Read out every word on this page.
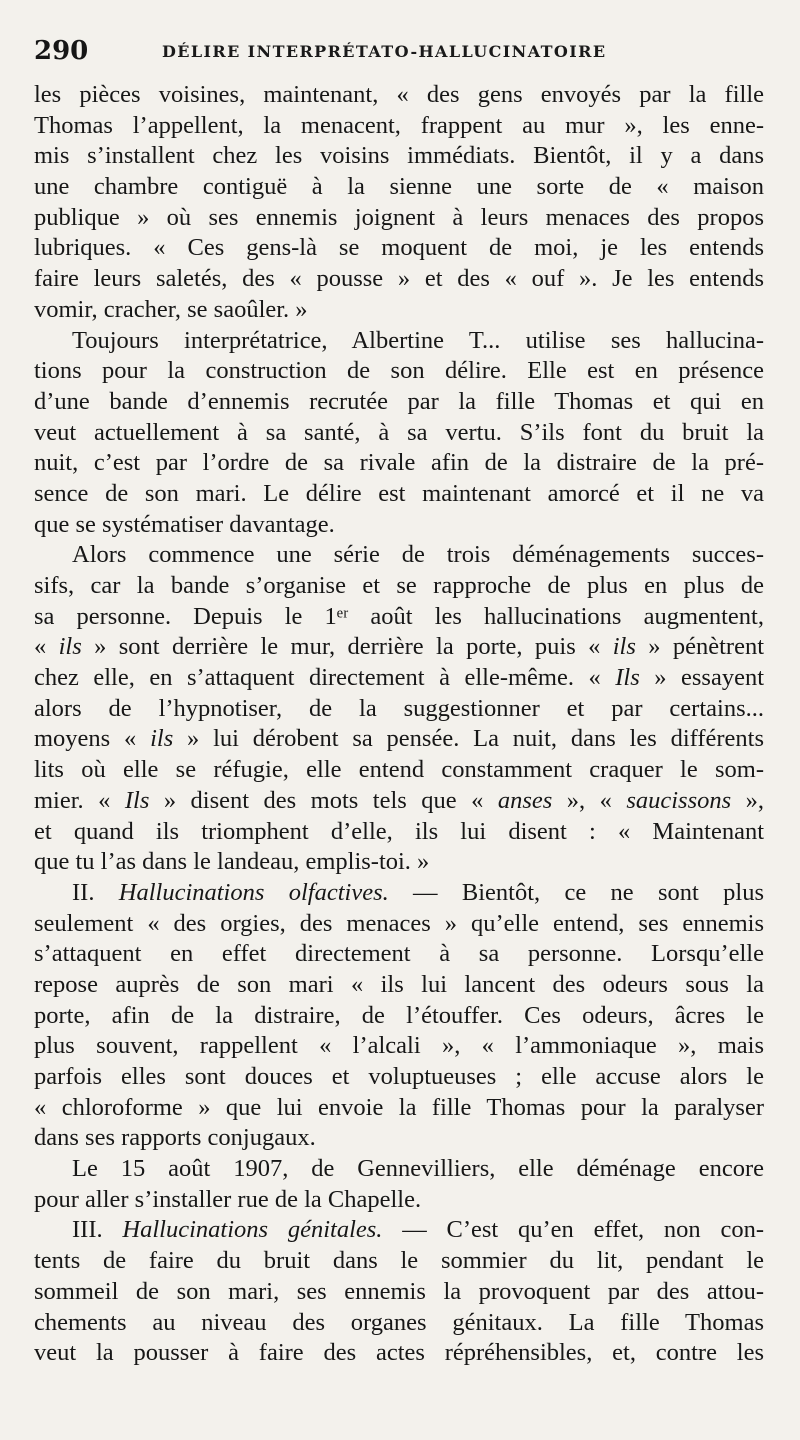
290	DÉLIRE INTERPRÉTATO-HALLUCINATOIRE
les pièces voisines, maintenant, « des gens envoyés par la fille
Thomas l’appellent, la menacent, frappent au mur », les enne-
mis s’installent chez les voisins immédiats. Bientôt, il y a dans
une chambre contiguë à la sienne une sorte de « maison
publique » où ses ennemis joignent à leurs menaces des propos
lubriques. « Ces gens-là se moquent de moi, je les entends
faire leurs saletés, des « pousse » et des « ouf ». Je les entends
vomir, cracher, se saoûler. »
Toujours interprétatrice, Albertine T... utilise ses hallucina-
tions pour la construction de son délire. Elle est en présence
d’une bande d’ennemis recrutée par la fille Thomas et qui en
veut actuellement à sa santé, à sa vertu. S’ils font du bruit la
nuit, c’est par l’ordre de sa rivale afin de la distraire de la pré-
sence de son mari. Le délire est maintenant amorcé et il ne va
que se systématiser davantage.
Alors commence une série de trois déménagements succes-
sifs, car la bande s’organise et se rapproche de plus en plus de
sa personne. Depuis le 1ᵉʳ août les hallucinations augmentent,
« ils » sont derrière le mur, derrière la porte, puis « ils » pénètrent
chez elle, en s’attaquent directement à elle-même. « Ils » essayent
alors de l’hypnotiser, de la suggestionner et par certains...
moyens « ils » lui dérobent sa pensée. La nuit, dans les différents
lits où elle se réfugie, elle entend constamment craquer le som-
mier. « Ils » disent des mots tels que « anses », « saucissons »,
et quand ils triomphent d’elle, ils lui disent : « Maintenant
que tu l’as dans le landeau, emplis-toi. »
II. Hallucinations olfactives. — Bientôt, ce ne sont plus
seulement « des orgies, des menaces » qu’elle entend, ses ennemis
s’attaquent en effet directement à sa personne. Lorsqu’elle
repose auprès de son mari « ils lui lancent des odeurs sous la
porte, afin de la distraire, de l’étouffer. Ces odeurs, âcres le
plus souvent, rappellent « l’alcali », « l’ammoniaque », mais
parfois elles sont douces et voluptueuses ; elle accuse alors le
« chloroforme » que lui envoie la fille Thomas pour la paralyser
dans ses rapports conjugaux.
Le 15 août 1907, de Gennevilliers, elle déménage encore
pour aller s’installer rue de la Chapelle.
III. Hallucinations génitales. — C’est qu’en effet, non con-
tents de faire du bruit dans le sommier du lit, pendant le
sommeil de son mari, ses ennemis la provoquent par des attou-
chements au niveau des organes génitaux. La fille Thomas
veut la pousser à faire des actes répréhensibles, et, contre les
